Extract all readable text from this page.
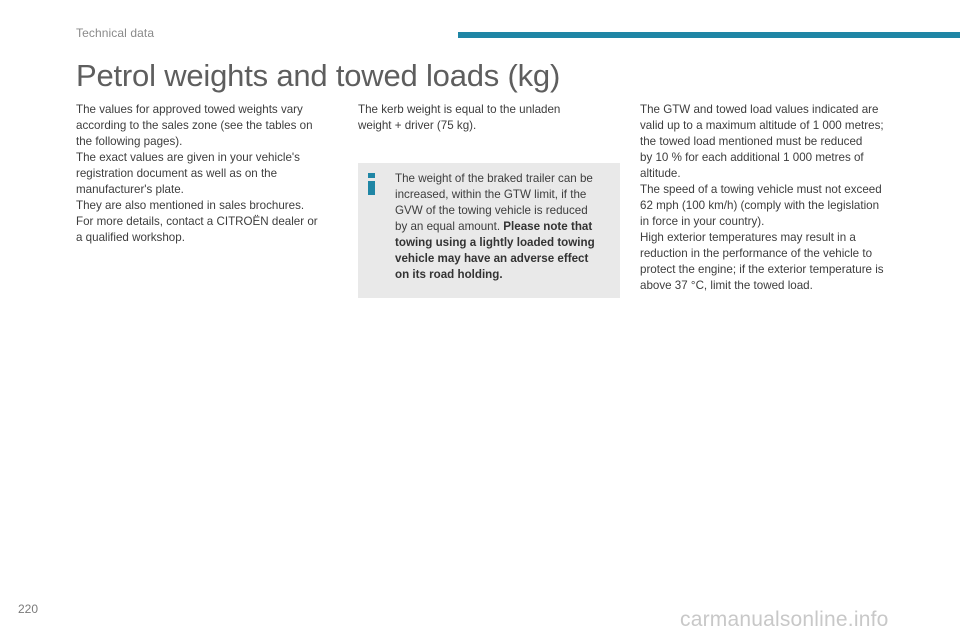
Technical data
Petrol weights and towed loads (kg)

The values for approved towed weights vary

according to the sales zone (see the tables on

the following pages).

The exact values are given in your vehicle's

registration document as well as on the

manufacturer's plate.

They are also mentioned in sales brochures.

For more details, contact a CITROËN dealer or

a qualified workshop.

The kerb weight is equal to the unladen

weight + driver (75 kg).

The weight of the braked trailer can be
increased, within the GTW limit, if the
GVW of the towing vehicle is reduced
by an equal amount. Please note that
towing using a lightly loaded towing
vehicle may have an adverse effect
on its road holding.

The GTW and towed load values indicated are

valid up to a maximum altitude of 1 000 metres;

the towed load mentioned must be reduced

by 10 % for each additional 1 000 metres of

altitude.

The speed of a towing vehicle must not exceed

62 mph (100 km/h) (comply with the legislation

in force in your country).

High exterior temperatures may result in a

reduction in the performance of the vehicle to

protect the engine; if the exterior temperature is

above 37 °C, limit the towed load.

220	carmanualsonline.info
